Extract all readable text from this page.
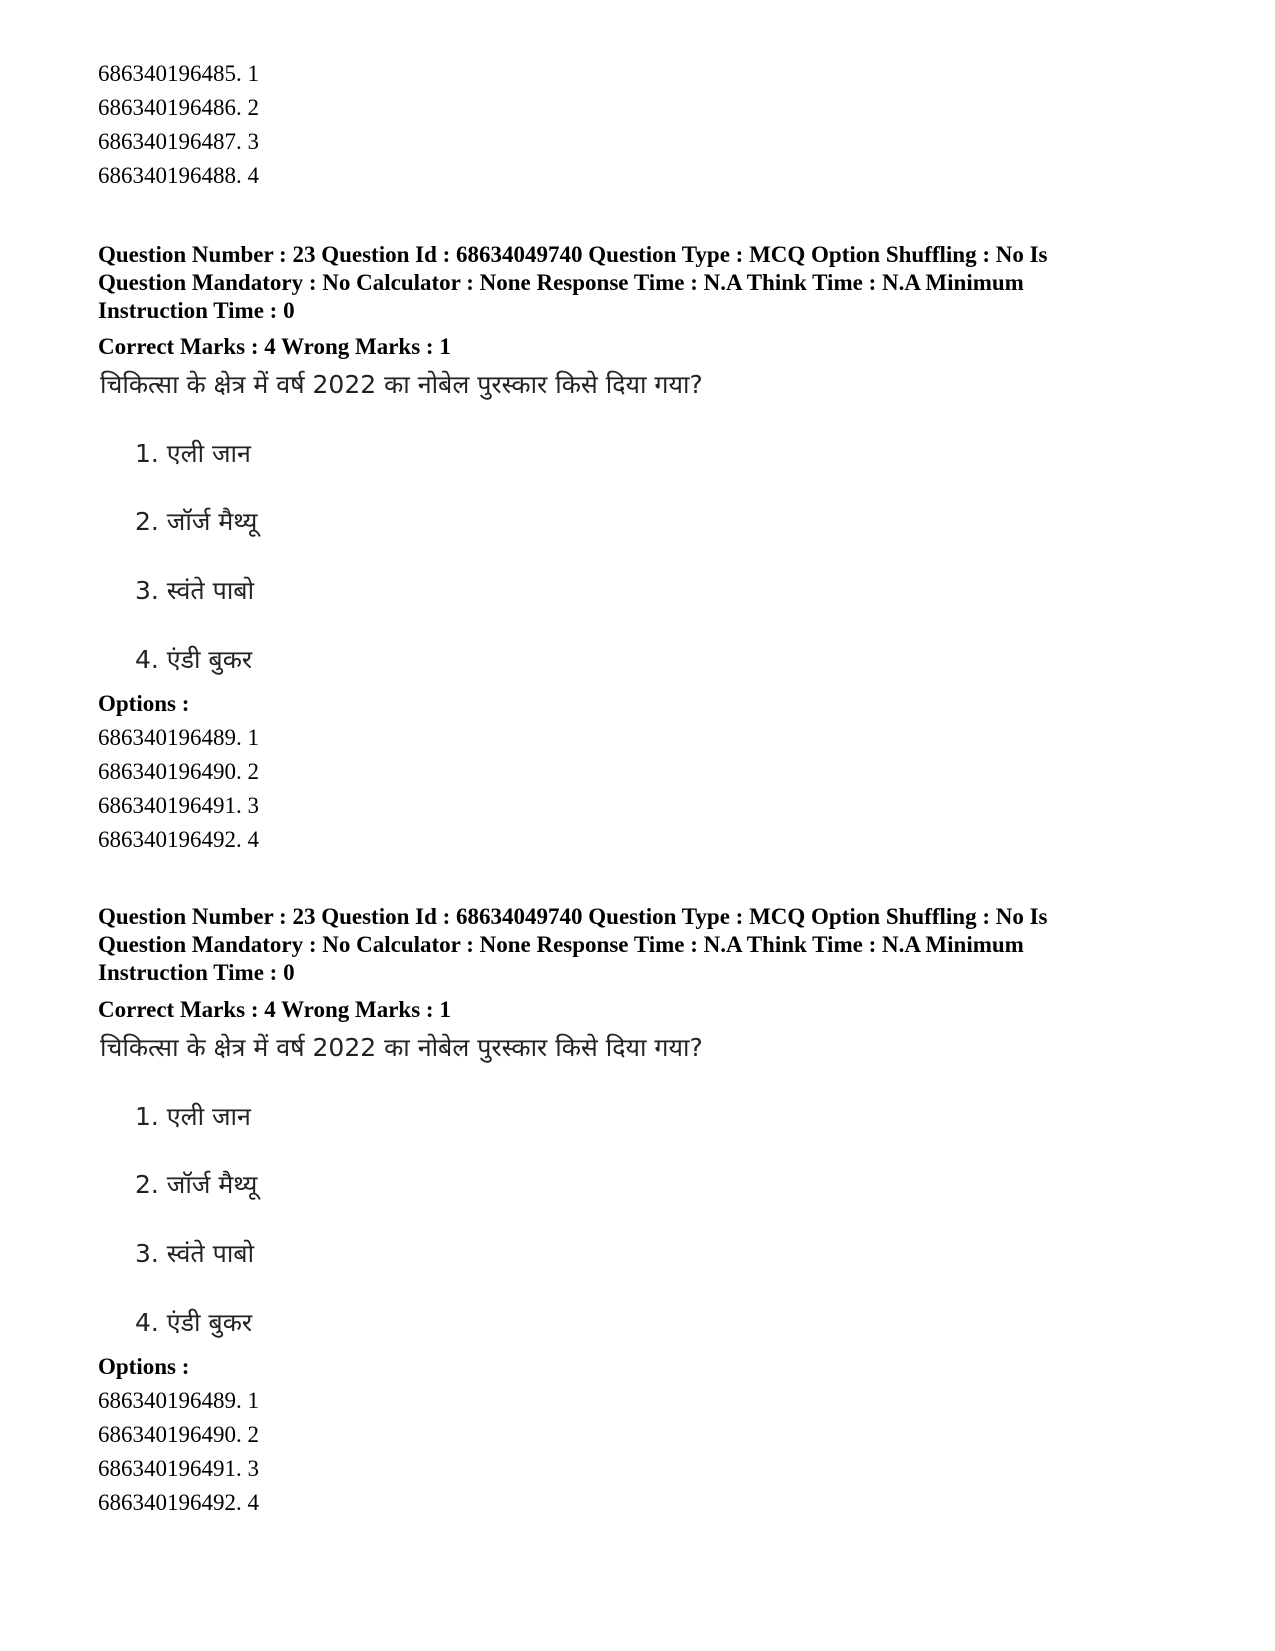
686340196485. 1
686340196486. 2
686340196487. 3
686340196488. 4
Question Number : 23 Question Id : 68634049740 Question Type : MCQ Option Shuffling : No Is
Question Mandatory : No Calculator : None Response Time : N.A Think Time : N.A Minimum
Instruction Time : 0
Correct Marks : 4 Wrong Marks : 1
चिकित्सा के क्षेत्र में वर्ष 2022 का नोबेल पुरस्कार किसे दिया गया?
1. एली जान
2. जॉर्ज मैथ्यू
3. स्वंते पाबो
4. एंडी बुकर
Options :
686340196489. 1
686340196490. 2
686340196491. 3
686340196492. 4
Question Number : 23 Question Id : 68634049740 Question Type : MCQ Option Shuffling : No Is
Question Mandatory : No Calculator : None Response Time : N.A Think Time : N.A Minimum
Instruction Time : 0
Correct Marks : 4 Wrong Marks : 1
चिकित्सा के क्षेत्र में वर्ष 2022 का नोबेल पुरस्कार किसे दिया गया?
1. एली जान
2. जॉर्ज मैथ्यू
3. स्वंते पाबो
4. एंडी बुकर
Options :
686340196489. 1
686340196490. 2
686340196491. 3
686340196492. 4
